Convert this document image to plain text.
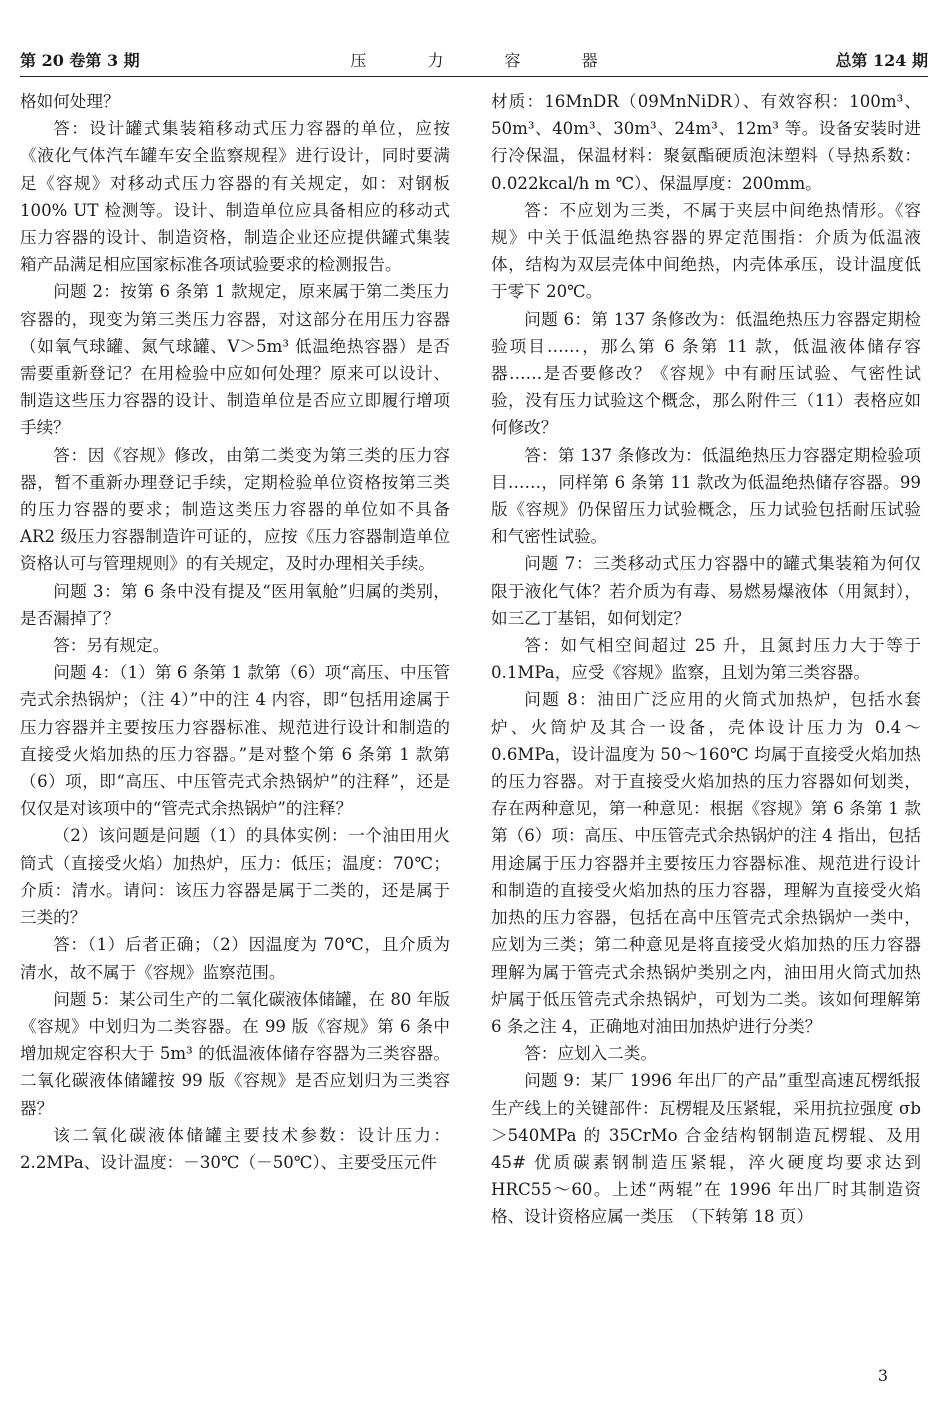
第 20 卷第 3 期	压 力 容 器	总第 124 期

格如何处理？

答：设计罐式集装箱移动式压力容器的单位，应按《液化气体汽车罐车安全监察规程》进行设计，同时要满足《容规》对移动式压力容器的有关规定，如：对钢板 100% UT 检测等。设计、制造单位应具备相应的移动式压力容器的设计、制造资格，制造企业还应提供罐式集装箱产品满足相应国家标准各项试验要求的检测报告。

问题 2：按第 6 条第 1 款规定，原来属于第二类压力容器的，现变为第三类压力容器，对这部分在用压力容器（如氧气球罐、氮气球罐、V＞5m³ 低温绝热容器）是否需要重新登记？在用检验中应如何处理？原来可以设计、制造这些压力容器的设计、制造单位是否应立即履行增项手续？

答：因《容规》修改，由第二类变为第三类的压力容器，暂不重新办理登记手续，定期检验单位资格按第三类的压力容器的要求；制造这类压力容器的单位如不具备 AR2 级压力容器制造许可证的，应按《压力容器制造单位资格认可与管理规则》的有关规定，及时办理相关手续。

问题 3：第 6 条中没有提及“医用氧舱”归属的类别，是否漏掉了？

答：另有规定。

问题 4：（1）第 6 条第 1 款第（6）项“高压、中压管壳式余热锅炉；（注 4）”中的注 4 内容，即“包括用途属于压力容器并主要按压力容器标准、规范进行设计和制造的直接受火焰加热的压力容器。”是对整个第 6 条第 1 款第（6）项，即“高压、中压管壳式余热锅炉”的注释”，还是仅仅是对该项中的“管壳式余热锅炉”的注释？

（2）该问题是问题（1）的具体实例：一个油田用火筒式（直接受火焰）加热炉，压力：低压；温度：70℃；介质：清水。请问：该压力容器是属于二类的，还是属于三类的？

答：（1）后者正确；（2）因温度为 70℃，且介质为清水，故不属于《容规》监察范围。

问题 5：某公司生产的二氧化碳液体储罐，在 80 年版《容规》中划归为二类容器。在 99 版《容规》第 6 条中增加规定容积大于 5m³ 的低温液体储存容器为三类容器。二氧化碳液体储罐按 99 版《容规》是否应划归为三类容器？

该二氧化碳液体储罐主要技术参数：设计压力：2.2MPa、设计温度：－30℃（－50℃）、主要受压元件

材质：16MnDR（09MnNiDR）、有效容积：100m³、50m³、40m³、30m³、24m³、12m³ 等。设备安装时进行冷保温，保温材料：聚氨酯硬质泡沫塑料（导热系数：0.022kcal/h m ℃）、保温厚度：200mm。

答：不应划为三类，不属于夹层中间绝热情形。《容规》中关于低温绝热容器的界定范围指：介质为低温液体，结构为双层壳体中间绝热，内壳体承压，设计温度低于零下 20℃。

问题 6：第 137 条修改为：低温绝热压力容器定期检验项目……，那么第 6 条第 11 款，低温液体储存容器……是否要修改？《容规》中有耐压试验、气密性试验，没有压力试验这个概念，那么附件三（11）表格应如何修改？

答：第 137 条修改为：低温绝热压力容器定期检验项目……，同样第 6 条第 11 款改为低温绝热储存容器。99 版《容规》仍保留压力试验概念，压力试验包括耐压试验和气密性试验。

问题 7：三类移动式压力容器中的罐式集装箱为何仅限于液化气体？若介质为有毒、易燃易爆液体（用氮封），如三乙丁基铝，如何划定？

答：如气相空间超过 25 升，且氮封压力大于等于 0.1MPa，应受《容规》监察，且划为第三类容器。

问题 8：油田广泛应用的火筒式加热炉，包括水套炉、火筒炉及其合一设备，壳体设计压力为 0.4～0.6MPa，设计温度为 50～160℃ 均属于直接受火焰加热的压力容器。对于直接受火焰加热的压力容器如何划类，存在两种意见，第一种意见：根据《容规》第 6 条第 1 款第（6）项：高压、中压管壳式余热锅炉的注 4 指出，包括用途属于压力容器并主要按压力容器标准、规范进行设计和制造的直接受火焰加热的压力容器，理解为直接受火焰加热的压力容器，包括在高中压管壳式余热锅炉一类中，应划为三类；第二种意见是将直接受火焰加热的压力容器理解为属于管壳式余热锅炉类别之内，油田用火筒式加热炉属于低压管壳式余热锅炉，可划为二类。该如何理解第 6 条之注 4，正确地对油田加热炉进行分类？

答：应划入二类。

问题 9：某厂 1996 年出厂的产品”重型高速瓦楞纸报生产线上的关键部件：瓦楞辊及压紧辊，采用抗拉强度 σb＞540MPa 的 35CrMo 合金结构钢制造瓦楞辊、及用 45# 优质碳素钢制造压紧辊，淬火硬度均要求达到 HRC55～60。上述“两辊”在 1996 年出厂时其制造资格、设计资格应属一类压　（下转第 18 页）

3
